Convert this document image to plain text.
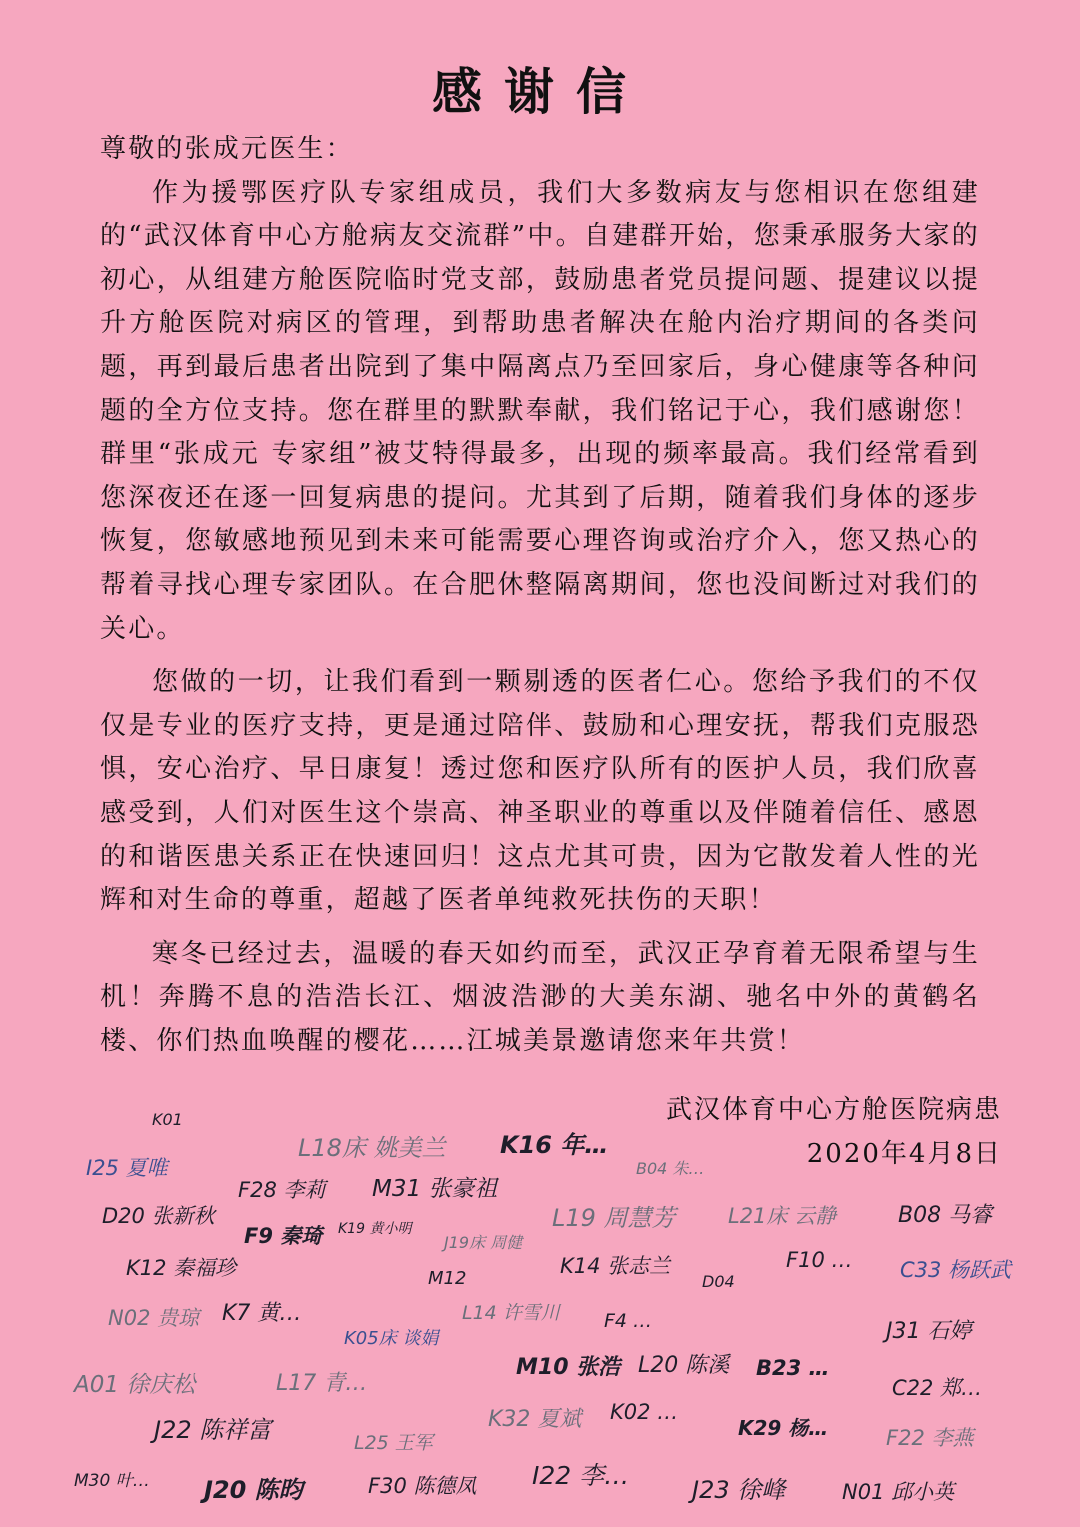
感谢信

尊敬的张成元医生：

作为援鄂医疗队专家组成员，我们大多数病友与您相识在您组建的“武汉体育中心方舱病友交流群”中。自建群开始，您秉承服务大家的初心，从组建方舱医院临时党支部，鼓励患者党员提问题、提建议以提升方舱医院对病区的管理，到帮助患者解决在舱内治疗期间的各类问题，再到最后患者出院到了集中隔离点乃至回家后，身心健康等各种问题的全方位支持。您在群里的默默奉献，我们铭记于心，我们感谢您！群里“张成元 专家组”被艾特得最多，出现的频率最高。我们经常看到您深夜还在逐一回复病患的提问。尤其到了后期，随着我们身体的逐步恢复，您敏感地预见到未来可能需要心理咨询或治疗介入，您又热心的帮着寻找心理专家团队。在合肥休整隔离期间，您也没间断过对我们的关心。

您做的一切，让我们看到一颗剔透的医者仁心。您给予我们的不仅仅是专业的医疗支持，更是通过陪伴、鼓励和心理安抚，帮我们克服恐惧，安心治疗、早日康复！透过您和医疗队所有的医护人员，我们欣喜感受到，人们对医生这个崇高、神圣职业的尊重以及伴随着信任、感恩的和谐医患关系正在快速回归！这点尤其可贵，因为它散发着人性的光辉和对生命的尊重，超越了医者单纯救死扶伤的天职！

寒冬已经过去，温暖的春天如约而至，武汉正孕育着无限希望与生机！奔腾不息的浩浩长江、烟波浩渺的大美东湖、驰名中外的黄鹤名楼、你们热血唤醒的樱花……江城美景邀请您来年共赏！

武汉体育中心方舱医院病患
2020年4月8日
K01
I25 夏唯
L18床 姚美兰 K16 年…
B04 朱…
F28 李莉 M31 张豪祖
D20 张新秋
F9 秦琦 K19 黄小明
J19床 周健
L19 周慧芳 L21床 云静	B08 马睿
K12 秦福珍	K14 张志兰
D04
F10 … C33 杨跃武
M12
K7 黄…
N02 贵琼	L14 许雪川 F4 …
K05床 谈娟	J31 石婷
A01 徐庆松	L17 青…
M10 张浩 L20 陈溪 B23 …
C22 郑…
J22 陈祥富	L25 王军
K32 夏斌 K02 …
K29 杨…	F22 李燕
M30 叶… J20 陈昀	F30 陈德凤 I22 李…	J23 徐峰	N01 邱小英
